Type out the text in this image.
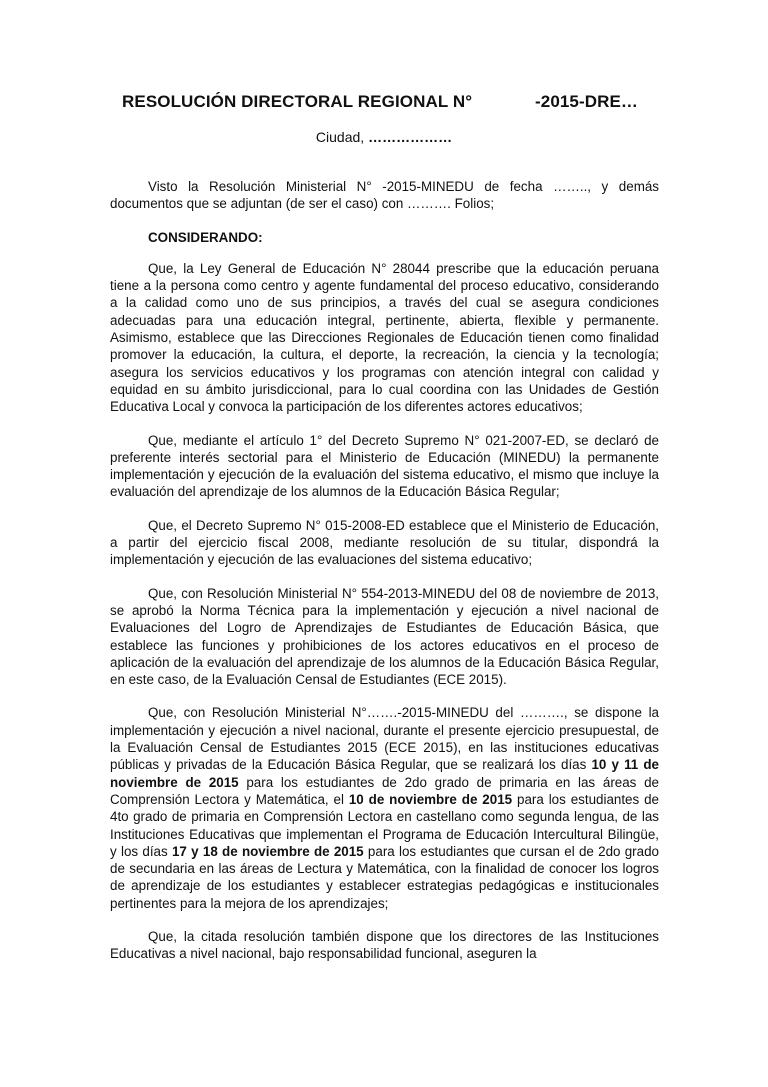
RESOLUCIÓN DIRECTORAL REGIONAL N°	-2015-DRE…
Ciudad, ………………

Visto la Resolución Ministerial N° -2015-MINEDU de fecha …….., y demás documentos que se adjuntan (de ser el caso) con ………. Folios;

CONSIDERANDO:

Que, la Ley General de Educación N° 28044 prescribe que la educación peruana tiene a la persona como centro y agente fundamental del proceso educativo, considerando a la calidad como uno de sus principios, a través del cual se asegura condiciones adecuadas para una educación integral, pertinente, abierta, flexible y permanente. Asimismo, establece que las Direcciones Regionales de Educación tienen como finalidad promover la educación, la cultura, el deporte, la recreación, la ciencia y la tecnología; asegura los servicios educativos y los programas con atención integral con calidad y equidad en su ámbito jurisdiccional, para lo cual coordina con las Unidades de Gestión Educativa Local y convoca la participación de los diferentes actores educativos;

Que, mediante el artículo 1° del Decreto Supremo N° 021-2007-ED, se declaró de preferente interés sectorial para el Ministerio de Educación (MINEDU) la permanente implementación y ejecución de la evaluación del sistema educativo, el mismo que incluye la evaluación del aprendizaje de los alumnos de la Educación Básica Regular;

Que, el Decreto Supremo N° 015-2008-ED establece que el Ministerio de Educación, a partir del ejercicio fiscal 2008, mediante resolución de su titular, dispondrá la implementación y ejecución de las evaluaciones del sistema educativo;

Que, con Resolución Ministerial N° 554-2013-MINEDU del 08 de noviembre de 2013, se aprobó la Norma Técnica para la implementación y ejecución a nivel nacional de Evaluaciones del Logro de Aprendizajes de Estudiantes de Educación Básica, que establece las funciones y prohibiciones de los actores educativos en el proceso de aplicación de la evaluación del aprendizaje de los alumnos de la Educación Básica Regular, en este caso, de la Evaluación Censal de Estudiantes (ECE 2015).

Que, con Resolución Ministerial N°…….-2015-MINEDU del ………., se dispone la implementación y ejecución a nivel nacional, durante el presente ejercicio presupuestal, de la Evaluación Censal de Estudiantes 2015 (ECE 2015), en las instituciones educativas públicas y privadas de la Educación Básica Regular, que se realizará los días 10 y 11 de noviembre de 2015 para los estudiantes de 2do grado de primaria en las áreas de Comprensión Lectora y Matemática, el 10 de noviembre de 2015 para los estudiantes de 4to grado de primaria en Comprensión Lectora en castellano como segunda lengua, de las Instituciones Educativas que implementan el Programa de Educación Intercultural Bilingüe, y los días 17 y 18 de noviembre de 2015 para los estudiantes que cursan el de 2do grado de secundaria en las áreas de Lectura y Matemática, con la finalidad de conocer los logros de aprendizaje de los estudiantes y establecer estrategias pedagógicas e institucionales pertinentes para la mejora de los aprendizajes;

Que, la citada resolución también dispone que los directores de las Instituciones Educativas a nivel nacional, bajo responsabilidad funcional, aseguren la
